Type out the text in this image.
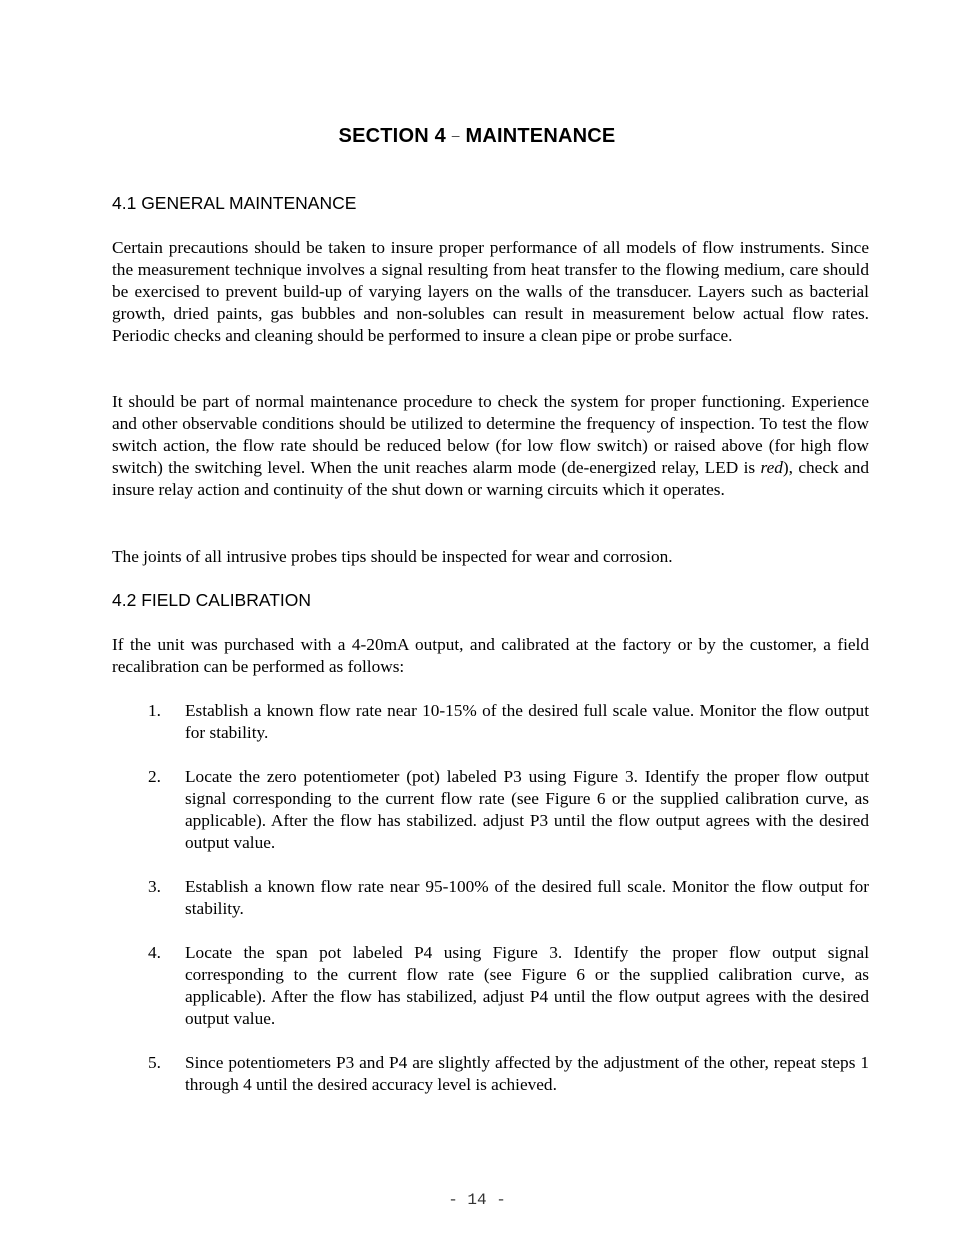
SECTION 4 – MAINTENANCE
4.1 GENERAL MAINTENANCE
Certain precautions should be taken to insure proper performance of all models of flow instruments. Since the measurement technique involves a signal resulting from heat transfer to the flowing medium, care should be exercised to prevent build-up of varying layers on the walls of the transducer. Layers such as bacterial growth, dried paints, gas bubbles and non-solubles can result in measurement below actual flow rates. Periodic checks and cleaning should be performed to insure a clean pipe or probe surface.
It should be part of normal maintenance procedure to check the system for proper functioning. Experience and other observable conditions should be utilized to determine the frequency of inspection. To test the flow switch action, the flow rate should be reduced below (for low flow switch) or raised above (for high flow switch) the switching level. When the unit reaches alarm mode (de-energized relay, LED is red), check and insure relay action and continuity of the shut down or warning circuits which it operates.
The joints of all intrusive probes tips should be inspected for wear and corrosion.
4.2 FIELD CALIBRATION
If the unit was purchased with a 4-20mA output, and calibrated at the factory or by the customer, a field recalibration can be performed as follows:
1.	Establish a known flow rate near 10-15% of the desired full scale value. Monitor the flow output for stability.
2.	Locate the zero potentiometer (pot) labeled P3 using Figure 3. Identify the proper flow output signal corresponding to the current flow rate (see Figure 6 or the supplied calibration curve, as applicable). After the flow has stabilized. adjust P3 until the flow output agrees with the desired output value.
3.	Establish a known flow rate near 95-100% of the desired full scale. Monitor the flow output for stability.
4.	Locate the span pot labeled P4 using Figure 3. Identify the proper flow output signal corresponding to the current flow rate (see Figure 6 or the supplied calibration curve, as applicable). After the flow has stabilized, adjust P4 until the flow output agrees with the desired output value.
5.	Since potentiometers P3 and P4 are slightly affected by the adjustment of the other, repeat steps 1 through 4 until the desired accuracy level is achieved.
- 14 -
